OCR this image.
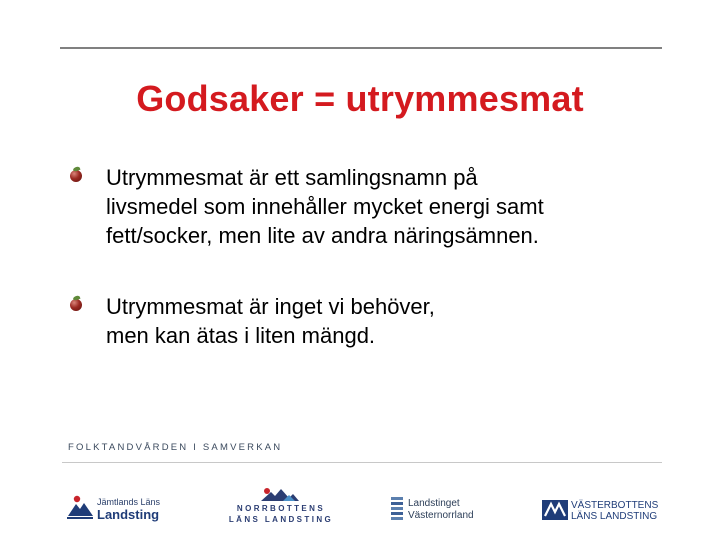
Godsaker = utrymmesmat
Utrymmesmat är ett samlingsnamn på
livsmedel som innehåller mycket energi samt
fett/socker, men lite av andra näringsämnen.
Utrymmesmat är inget vi behöver,
men kan ätas i liten mängd.
FOLKTANDVÅRDEN I SAMVERKAN
Jämtlands Läns
Landsting	NORRBOTTENS
LÄNS LANDSTING
Landstinget
Västernorrland
VÄSTERBOTTENS
LÄNS LANDSTING
